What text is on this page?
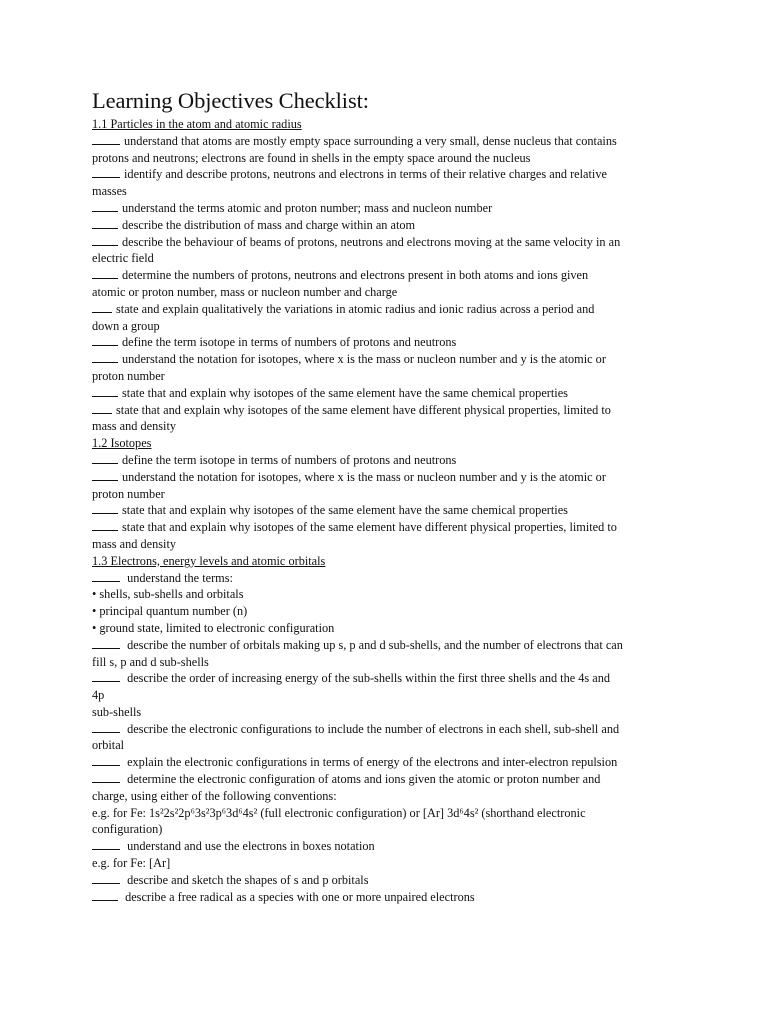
Learning Objectives Checklist:
1.1 Particles in the atom and atomic radius
understand that atoms are mostly empty space surrounding a very small, dense nucleus that contains
protons and neutrons; electrons are found in shells in the empty space around the nucleus
identify and describe protons, neutrons and electrons in terms of their relative charges and relative
masses
understand the terms atomic and proton number; mass and nucleon number
describe the distribution of mass and charge within an atom
describe the behaviour of beams of protons, neutrons and electrons moving at the same velocity in an
electric field
determine the numbers of protons, neutrons and electrons present in both atoms and ions given
atomic or proton number, mass or nucleon number and charge
state and explain qualitatively the variations in atomic radius and ionic radius across a period and
down a group
define the term isotope in terms of numbers of protons and neutrons
understand the notation for isotopes, where x is the mass or nucleon number and y is the atomic or
proton number
state that and explain why isotopes of the same element have the same chemical properties
state that and explain why isotopes of the same element have different physical properties, limited to
mass and density
1.2 Isotopes
define the term isotope in terms of numbers of protons and neutrons
understand the notation for isotopes, where x is the mass or nucleon number and y is the atomic or
proton number
state that and explain why isotopes of the same element have the same chemical properties
state that and explain why isotopes of the same element have different physical properties, limited to
mass and density
1.3 Electrons, energy levels and atomic orbitals
understand the terms:
• shells, sub-shells and orbitals
• principal quantum number (n)
• ground state, limited to electronic configuration
describe the number of orbitals making up s, p and d sub-shells, and the number of electrons that can
fill s, p and d sub-shells
describe the order of increasing energy of the sub-shells within the first three shells and the 4s and
4p
sub-shells
describe the electronic configurations to include the number of electrons in each shell, sub-shell and
orbital
explain the electronic configurations in terms of energy of the electrons and inter-electron repulsion
determine the electronic configuration of atoms and ions given the atomic or proton number and
charge, using either of the following conventions:
e.g. for Fe: 1s²2s²2p⁶3s²3p⁶3d⁶4s² (full electronic configuration) or [Ar] 3d⁶4s² (shorthand electronic
configuration)
understand and use the electrons in boxes notation
e.g. for Fe: [Ar]
describe and sketch the shapes of s and p orbitals
describe a free radical as a species with one or more unpaired electrons
